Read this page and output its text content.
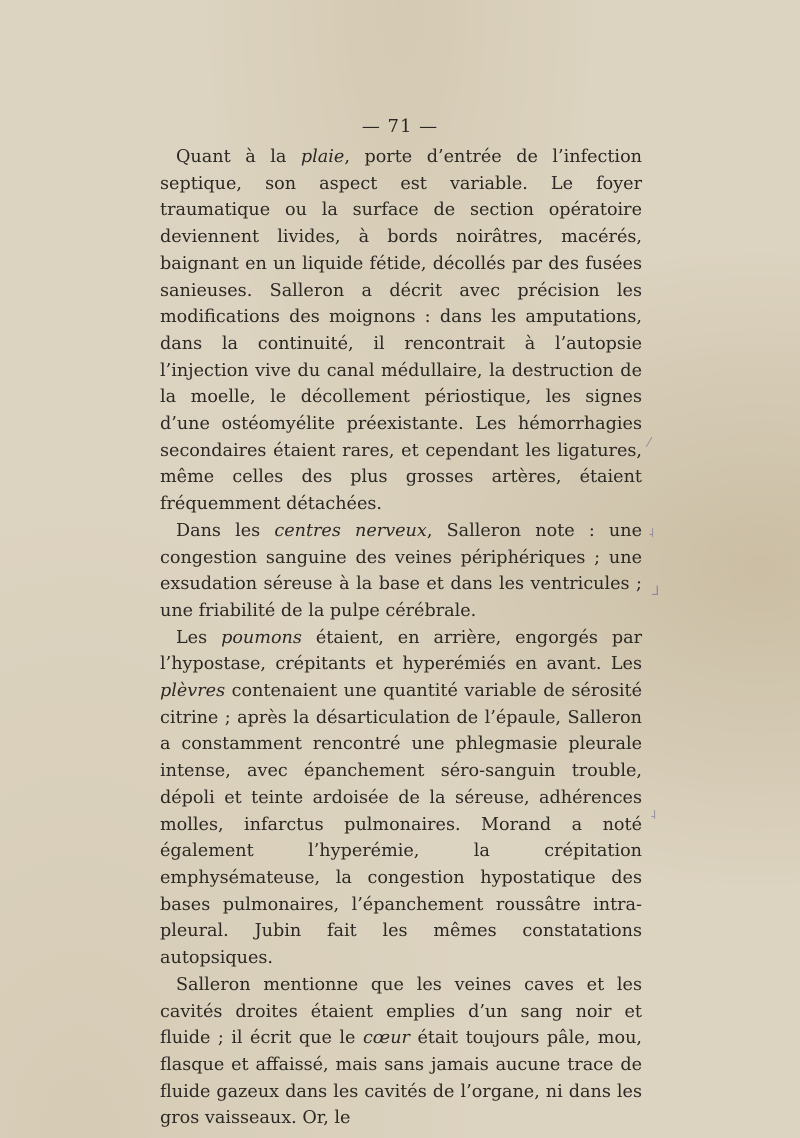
— 71 —

Quant à la plaie, porte d’entrée de l’infection septique, son aspect est variable. Le foyer traumatique ou la surface de section opératoire deviennent livides, à bords noirâtres, macérés, baignant en un liquide fétide, décollés par des fusées sanieuses. Salleron a décrit avec précision les modifications des moignons : dans les amputations, dans la continuité, il rencontrait à l’autopsie l’injection vive du canal médullaire, la destruction de la moelle, le décollement périostique, les signes d’une ostéomyélite préexistante. Les hémorrhagies secondaires étaient rares, et cependant les ligatures, même celles des plus grosses artères, étaient fréquemment détachées.

Dans les centres nerveux, Salleron note : une congestion sanguine des veines périphériques ; une exsudation séreuse à la base et dans les ventricules ; une friabilité de la pulpe cérébrale.

Les poumons étaient, en arrière, engorgés par l’hypostase, crépitants et hyperémiés en avant. Les plèvres contenaient une quantité variable de sérosité citrine ; après la désarticulation de l’épaule, Salleron a constamment rencontré une phlegmasie pleurale intense, avec épanchement séro-sanguin trouble, dépoli et teinte ardoisée de la séreuse, adhérences molles, infarctus pulmonaires. Morand a noté également l’hyperémie, la crépitation emphysémateuse, la congestion hypostatique des bases pulmonaires, l’épanchement roussâtre intra-pleural. Jubin fait les mêmes constatations autopsiques.

Salleron mentionne que les veines caves et les cavités droites étaient emplies d’un sang noir et fluide ; il écrit que le cœur était toujours pâle, mou, flasque et affaissé, mais sans jamais aucune trace de fluide gazeux dans les cavités de l’organe, ni dans les gros vaisseaux. Or, le

⁄
˨
⅃
˨
